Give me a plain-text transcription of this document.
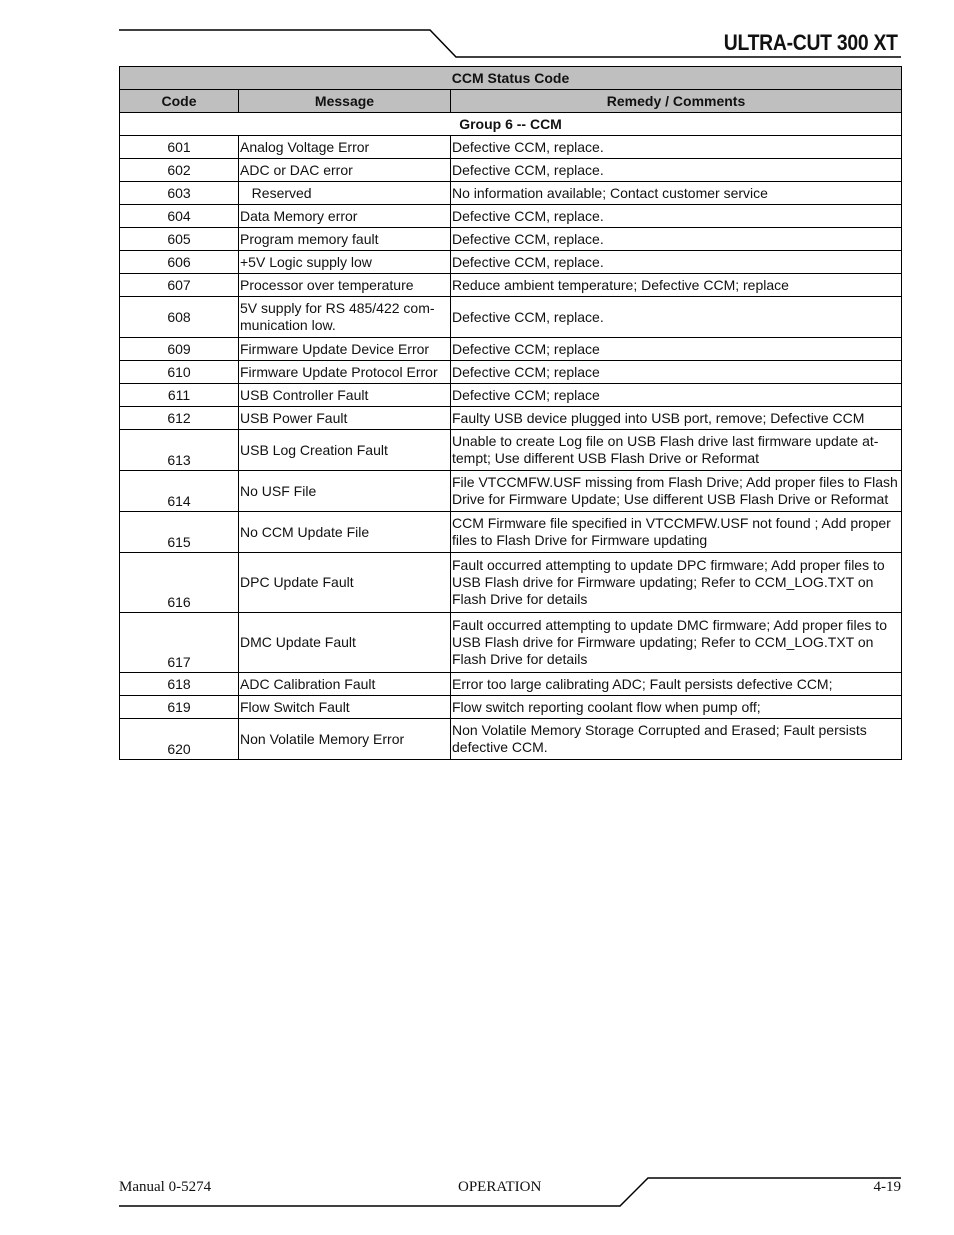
ULTRA-CUT 300 XT
CCM Status Code		
Code	Message	Remedy / Comments
Group 6 -- CCM		
601	Analog Voltage Error	Defective CCM, replace.
602	ADC or DAC error	Defective CCM, replace.
603	Reserved	No information available; Contact customer service
604	Data Memory error	Defective CCM, replace.
605	Program memory fault	Defective CCM, replace.
606	+5V Logic supply low	Defective CCM, replace.
607	Processor over temperature	Reduce ambient temperature; Defective CCM; replace
608	5V supply for RS 485/422 com-munication low.	Defective CCM, replace.
609	Firmware Update Device Error	Defective CCM; replace
610	Firmware Update Protocol Error	Defective CCM; replace
611	USB Controller Fault	Defective CCM; replace
612	USB Power Fault	Faulty USB device plugged into USB port, remove; Defective CCM
613	USB Log Creation Fault	Unable to create Log file on USB Flash drive last firmware update at-tempt; Use different USB Flash Drive or Reformat
614	No USF File	File VTCCMFW.USF missing from Flash Drive; Add proper files to Flash Drive for Firmware Update; Use different USB Flash Drive or Reformat
615	No CCM Update File	CCM Firmware file specified in VTCCMFW.USF not found ; Add proper files to Flash Drive for Firmware updating
616	DPC Update Fault	Fault occurred attempting to update DPC firmware; Add proper files to USB Flash drive for Firmware updating; Refer to CCM_LOG.TXT on Flash Drive for details
617	DMC Update Fault	Fault occurred attempting to update DMC firmware; Add proper files to USB Flash drive for Firmware updating; Refer to CCM_LOG.TXT on Flash Drive for details
618	ADC Calibration Fault	Error too large calibrating ADC; Fault persists defective CCM;
619	Flow Switch Fault	Flow switch reporting coolant flow when pump off;
620	Non Volatile Memory Error	Non Volatile Memory Storage Corrupted and Erased; Fault persists defective CCM.
Manual 0-5274	OPERATION	4-19
